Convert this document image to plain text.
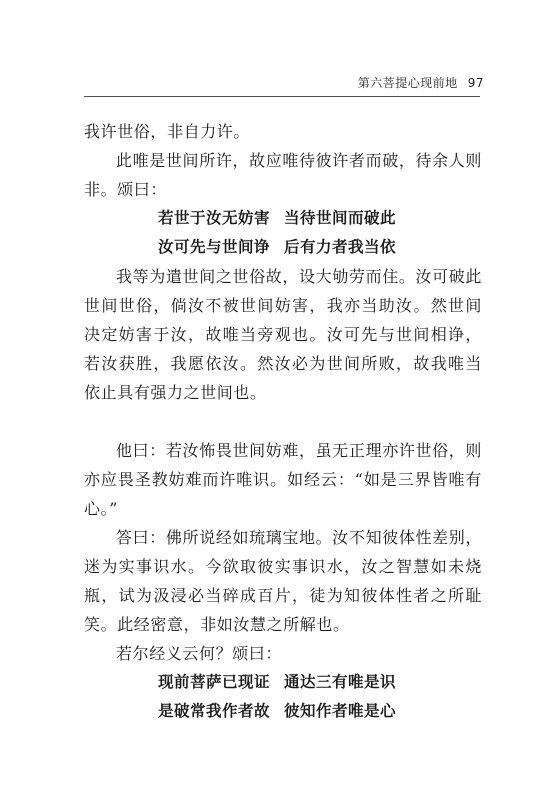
第六菩提心现前地 97

我许世俗，非自力许。

此唯是世间所许，故应唯待彼许者而破，待余人则非。颂曰：

若世于汝无妨害 当待世间而破此

汝可先与世间诤 后有力者我当依

我等为遣世间之世俗故，设大劬劳而住。汝可破此世间世俗，倘汝不被世间妨害，我亦当助汝。然世间决定妨害于汝，故唯当旁观也。汝可先与世间相诤，若汝获胜，我愿依汝。然汝必为世间所败，故我唯当依止具有强力之世间也。

他曰：若汝怖畏世间妨难，虽无正理亦许世俗，则亦应畏圣教妨难而许唯识。如经云：“如是三界皆唯有心。”

答曰：佛所说经如琉璃宝地。汝不知彼体性差别，迷为实事识水。今欲取彼实事识水，汝之智慧如未烧瓶，试为汲浸必当碎成百片，徒为知彼体性者之所耻笑。此经密意，非如汝慧之所解也。

若尔经义云何？颂曰：

现前菩萨已现证 通达三有唯是识

是破常我作者故 彼知作者唯是心
